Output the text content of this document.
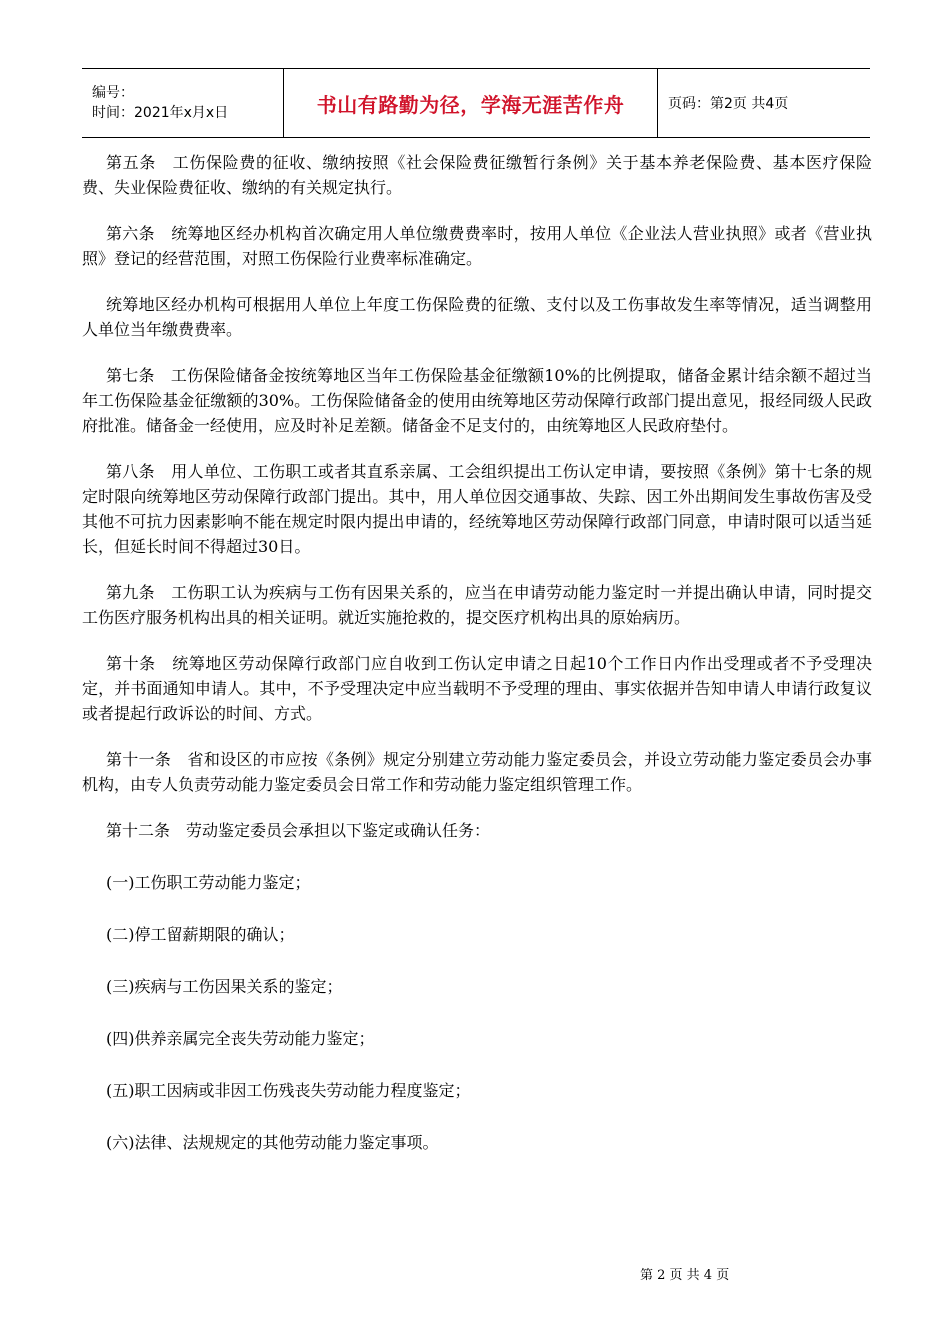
编号：
时间：2021年x月x日	书山有路勤为径，学海无涯苦作舟	页码：第2页 共4页

第五条　工伤保险费的征收、缴纳按照《社会保险费征缴暂行条例》关于基本养老保险费、基本医疗保险费、失业保险费征收、缴纳的有关规定执行。

第六条　统筹地区经办机构首次确定用人单位缴费费率时，按用人单位《企业法人营业执照》或者《营业执照》登记的经营范围，对照工伤保险行业费率标准确定。

统筹地区经办机构可根据用人单位上年度工伤保险费的征缴、支付以及工伤事故发生率等情况，适当调整用人单位当年缴费费率。

第七条　工伤保险储备金按统筹地区当年工伤保险基金征缴额10%的比例提取，储备金累计结余额不超过当年工伤保险基金征缴额的30%。工伤保险储备金的使用由统筹地区劳动保障行政部门提出意见，报经同级人民政府批准。储备金一经使用，应及时补足差额。储备金不足支付的，由统筹地区人民政府垫付。

第八条　用人单位、工伤职工或者其直系亲属、工会组织提出工伤认定申请，要按照《条例》第十七条的规定时限向统筹地区劳动保障行政部门提出。其中，用人单位因交通事故、失踪、因工外出期间发生事故伤害及受其他不可抗力因素影响不能在规定时限内提出申请的，经统筹地区劳动保障行政部门同意，申请时限可以适当延长，但延长时间不得超过30日。

第九条　工伤职工认为疾病与工伤有因果关系的，应当在申请劳动能力鉴定时一并提出确认申请，同时提交工伤医疗服务机构出具的相关证明。就近实施抢救的，提交医疗机构出具的原始病历。

第十条　统筹地区劳动保障行政部门应自收到工伤认定申请之日起10个工作日内作出受理或者不予受理决定，并书面通知申请人。其中，不予受理决定中应当载明不予受理的理由、事实依据并告知申请人申请行政复议或者提起行政诉讼的时间、方式。

第十一条　省和设区的市应按《条例》规定分别建立劳动能力鉴定委员会，并设立劳动能力鉴定委员会办事机构，由专人负责劳动能力鉴定委员会日常工作和劳动能力鉴定组织管理工作。

第十二条　劳动鉴定委员会承担以下鉴定或确认任务：

(一)工伤职工劳动能力鉴定；
(二)停工留薪期限的确认；
(三)疾病与工伤因果关系的鉴定；
(四)供养亲属完全丧失劳动能力鉴定；
(五)职工因病或非因工伤残丧失劳动能力程度鉴定；
(六)法律、法规规定的其他劳动能力鉴定事项。
第 2 页 共 4 页
